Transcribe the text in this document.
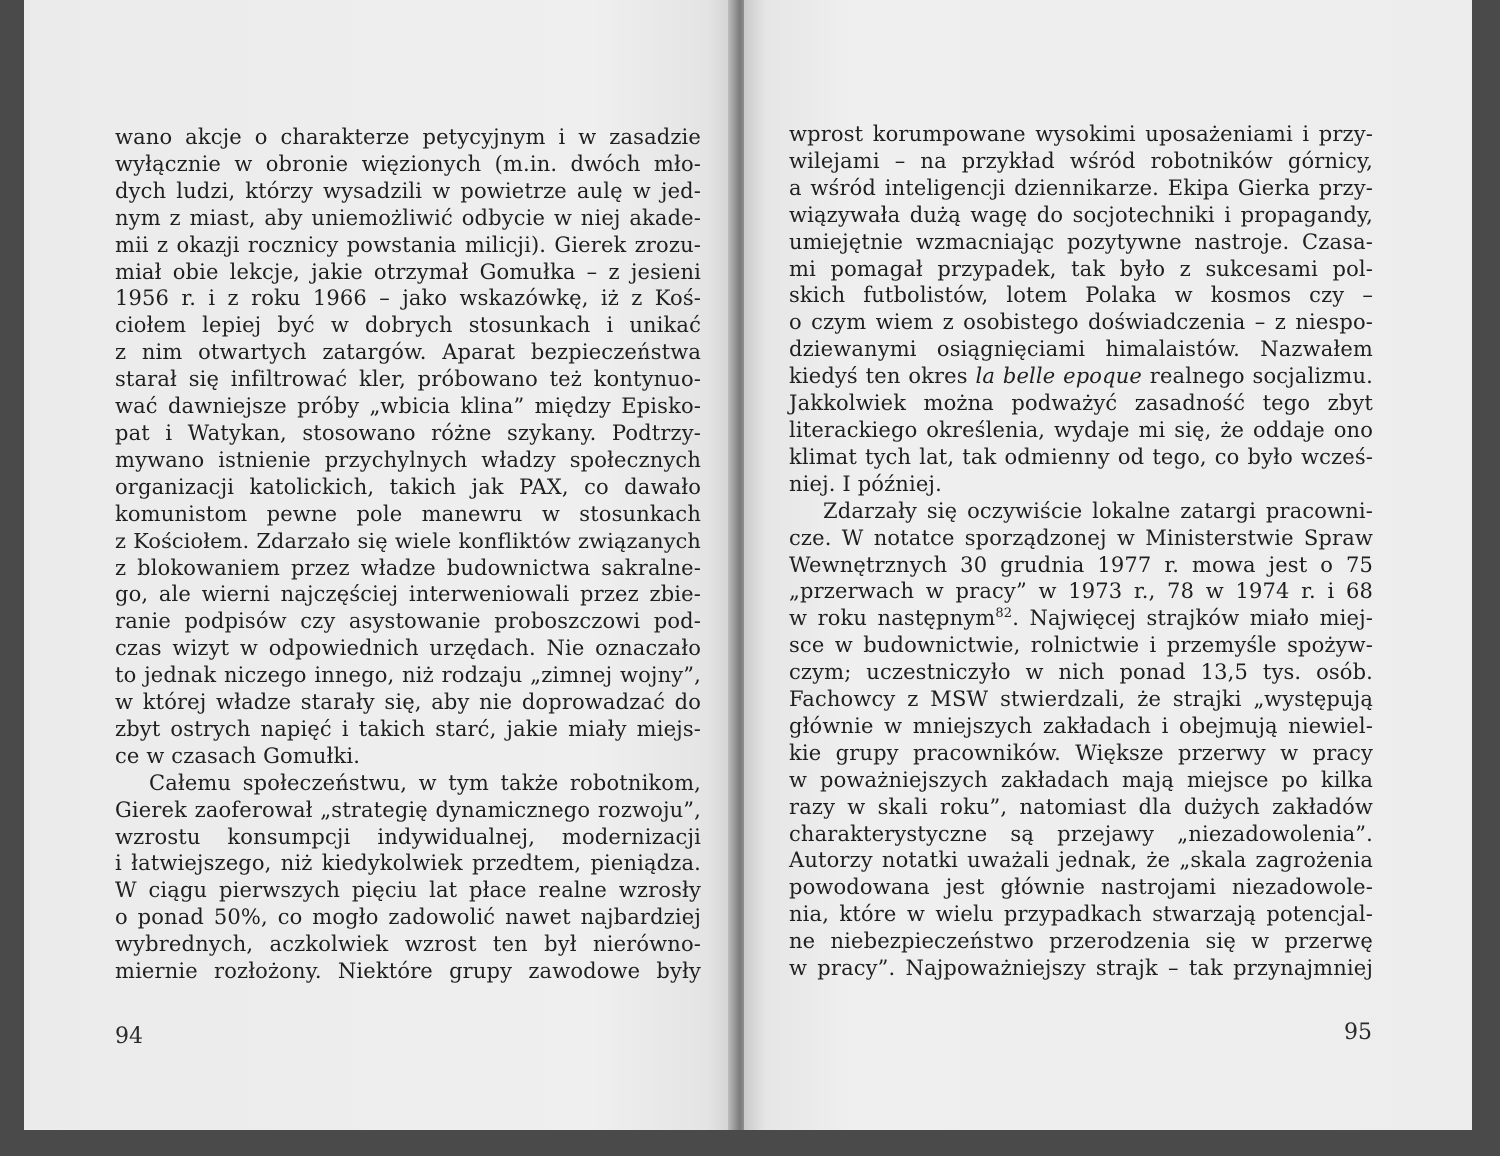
wano akcje o charakterze petycyjnym i w zasadzie
wyłącznie w obronie więzionych (m.in. dwóch mło-
dych ludzi, którzy wysadzili w powietrze aulę w jed-
nym z miast, aby uniemożliwić odbycie w niej akade-
mii z okazji rocznicy powstania milicji). Gierek zrozu-
miał obie lekcje, jakie otrzymał Gomułka – z jesieni
1956 r. i z roku 1966 – jako wskazówkę, iż z Koś-
ciołem lepiej być w dobrych stosunkach i unikać
z nim otwartych zatargów. Aparat bezpieczeństwa
starał się infiltrować kler, próbowano też kontynuo-
wać dawniejsze próby „wbicia klina” między Episko-
pat i Watykan, stosowano różne szykany. Podtrzy-
mywano istnienie przychylnych władzy społecznych
organizacji katolickich, takich jak PAX, co dawało
komunistom pewne pole manewru w stosunkach
z Kościołem. Zdarzało się wiele konfliktów związanych
z blokowaniem przez władze budownictwa sakralne-
go, ale wierni najczęściej interweniowali przez zbie-
ranie podpisów czy asystowanie proboszczowi pod-
czas wizyt w odpowiednich urzędach. Nie oznaczało
to jednak niczego innego, niż rodzaju „zimnej wojny”,
w której władze starały się, aby nie doprowadzać do
zbyt ostrych napięć i takich starć, jakie miały miejs-
ce w czasach Gomułki.
Całemu społeczeństwu, w tym także robotnikom,
Gierek zaoferował „strategię dynamicznego rozwoju”,
wzrostu konsumpcji indywidualnej, modernizacji
i łatwiejszego, niż kiedykolwiek przedtem, pieniądza.
W ciągu pierwszych pięciu lat płace realne wzrosły
o ponad 50%, co mogło zadowolić nawet najbardziej
wybrednych, aczkolwiek wzrost ten był nierówno-
miernie rozłożony. Niektóre grupy zawodowe były
94
wprost korumpowane wysokimi uposażeniami i przy-
wilejami – na przykład wśród robotników górnicy,
a wśród inteligencji dziennikarze. Ekipa Gierka przy-
wiązywała dużą wagę do socjotechniki i propagandy,
umiejętnie wzmacniając pozytywne nastroje. Czasa-
mi pomagał przypadek, tak było z sukcesami pol-
skich futbolistów, lotem Polaka w kosmos czy –
o czym wiem z osobistego doświadczenia – z niespo-
dziewanymi osiągnięciami himalaistów. Nazwałem
kiedyś ten okres la belle epoque realnego socjalizmu.
Jakkolwiek można podważyć zasadność tego zbyt
literackiego określenia, wydaje mi się, że oddaje ono
klimat tych lat, tak odmienny od tego, co było wcześ-
niej. I później.
Zdarzały się oczywiście lokalne zatargi pracowni-
cze. W notatce sporządzonej w Ministerstwie Spraw
Wewnętrznych 30 grudnia 1977 r. mowa jest o 75
„przerwach w pracy” w 1973 r., 78 w 1974 r. i 68
w roku następnym$^{82}$. Najwięcej strajków miało miej-
sce w budownictwie, rolnictwie i przemyśle spożyw-
czym; uczestniczyło w nich ponad 13,5 tys. osób.
Fachowcy z MSW stwierdzali, że strajki „występują
głównie w mniejszych zakładach i obejmują niewiel-
kie grupy pracowników. Większe przerwy w pracy
w poważniejszych zakładach mają miejsce po kilka
razy w skali roku”, natomiast dla dużych zakładów
charakterystyczne są przejawy „niezadowolenia”.
Autorzy notatki uważali jednak, że „skala zagrożenia
powodowana jest głównie nastrojami niezadowole-
nia, które w wielu przypadkach stwarzają potencjal-
ne niebezpieczeństwo przerodzenia się w przerwę
w pracy”. Najpoważniejszy strajk – tak przynajmniej
95
